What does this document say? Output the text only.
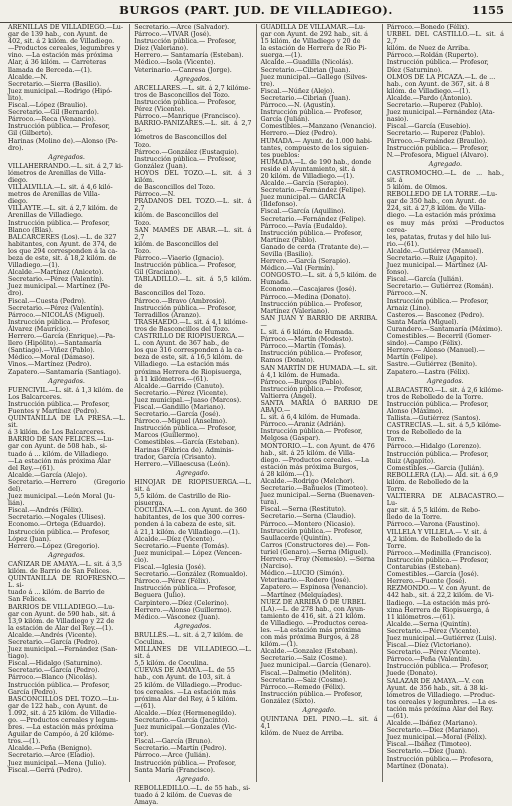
BURGOS (PART. JUD. DE VILLADIEGO).	1155
ARENILLAS DE VILLADIEGO.—Lu-
gar de 139 hab., con Ayunt. de
402, sit. á 2 kilóm. de Villadiego.
—Productos cereales, legumbres y
vino. —La estación más próxima
Alar, á 36 kilóm. — Carreteras
llamada de Berceda.—(1).
Alcalde.—N.
Secretario.—Sierra (Basilio).
Juez municipal.—Rodrigo (Hipó-
lito).
Fiscal.—López (Braulio).
Secretario.—Gil (Bernardo).
Párroco.—Reca (Venancio).
Instrucción pública.— Profesor,
Gil (Gilberto).
Harinas (Molino de).—Alonso (Pe-
dro).
Agregados.
VILLAHERRANDO.—L. sit. á 2,7 ki-
lómetros de Arenillas de Villa-
diego.
VILLALVILLA.—L. sit. á 4,6 kiló-
metros de Arenillas de Villa-
diego.
VILLAYTE.—L. sit. á 2,7 kilóm. de
Arenillas de Villadiego.
Instrucción pública.— Profesor,
Blanco (Blas).
BALCARCERES (Los).—L. de 327
habitantes, con Ayunt. de 374, de
los que 294 corresponden á la ca-
beza de este, sit. á 18,2 kilóm. de
Villadiego.—(1).
Alcalde.—Martínez (Aniceto).
Secretario.—Pérez (Valentín).
Juez municipal.— Martínez (Pe-
dro).
Fiscal.—Cuesta (Pedro).
Secretario.—Pérez (Valentín).
Párroco.—NICOLÁS (Miguel).
Instrucción pública.— Profesor,
Álvarez (Maurício).
Herrero.—García (Enrique).—Pa-
llero (Hipólito).—Santamaría
(Santiago).—Viñez (Pablo).
Médico.—Moral (Dámaso).
Vinos.—Martínez (Pedro).
Zapatero.—Santamaría (Santiago).
Agregados.
FUENCIVIL.—L. sit. á 1,3 kilóm. de
Los Balcarceres.
Instrucción pública.— Profesor,
Fuentes y Martínez (Pedro).
QUINTANILLA DE LA PRESA.—L. sit.
á 3 kilóm. de Los Balcarceres.
BARRIO DE SAN FELICES.—Lu-
gar con Ayunt. de 508 hab., si-
tuado á ... kilóm. de Villadiego.
—La estación más próxima Alar
del Rey.—(61).
Alcalde.—García (Alejo).
Secretario.—Herrero (Gregorio del).
Juez municipal.—León Moral (Ju-
lián).
Fiscal.—Andrés (Félix).
Secretario.—Nogales (Ulises).
Economo.—Ortega (Eduardo).
Instrucción pública.— Profesor,
López (Juan).
Herrero.—López (Gregorio).
Agregados.
CAÑIZAR DE AMAYA.—L. sit. á 3,5
kilóm. de Barrio de San Felices.
QUINTANILLA DE RIOFRESNO.—L. si-
tuado á ... kilóm. de Barrio de
San Felices.
BARRIOS DE VILLADIEGO.—Lu-
gar con Ayunt. de 590 hab., sit. á
13,9 kilóm. de Villadiego y 22 de
la estación de Alar del Rey.—(1).
Alcalde.—Andrés (Vicente).
Secretario.—García (Pedro).
Juez municipal.—Fernández (San-
tiago).
Fiscal.—Hidalgo (Saturnino).
Secretario.—García (Pedro).
Párroco.—Blanco (Nicolás).
Instrucción pública.— Profesor,
García (Pedro).
BASCONCILLOS DEL TOZO.—Lu-
gar de 122 hab., con Ayunt. de
1.092, sit. á 25 kilóm. de Villadie-
go. —Productos cereales y legum-
bres. —La estación más próxima
Aguilar de Campóo, á 20 kilóme-
tros.—(1).
Alcalde.—Peña (Benigno).
Secretario.—Arce (Eladio).
Juez municipal.—Mena (Julio).
Fiscal.—Gerrá (Pedro).
Secretario.—Arce (Salvador).
Párroco.—VIVAR (José).
Instrucción pública.— Profesor,
Díez (Valeriano).
Herrero.— Santamaría (Esteban).
Médico.—Isola (Vicente).
Veterinario.—Canresa (Jorge).
Agregados.
ARCELLARES.—L. sit. á 2,7 kilóme-
tros de Basconcillos del Tozo.
Instrucción pública.— Profesor,
Pérez (Vicente).
Párroco.—Manrique (Francisco).
BARRIO-PANIZARES.—L. sit. á 2,7 ki-
lómetros de Basconcillos del
Tozo.
Párroco.—González (Eustaquio).
Instrucción pública.— Profesor,
González (Juan).
HOYOS DEL TOZO.—L. sit. á 3 kilóm.
de Basconcillos del Tozo.
Párroco.—N.
PRÁDANOS DEL TOZO.—L. sit. á 2,7
kilóm. de Basconcillos del
Tozo.
SAN MAMÉS DE ABAR.—L. sit. á 2,7
kilóm. de Basconcillos del
Tozo.
Párroco.—Viaerio (Ignacio).
Instrucción pública.— Profesor,
Gil (Graciano).
TABLADILLO.—L. sit. á 5,5 kilóm. de
Basconcillos del Tozo.
Párroco.—Bravo (Ambrosio).
Instrucción pública.— Profesor,
Terradillos (Aranzo).
TRASHAEDO.—L. sit. á 4,1 kilóme-
tros de Basconcillos del Tozo.
CASTRILLO DE RIOPISUERGA.—
L. con Ayunt. de 367 hab., de
los que 316 corresponden á la ca-
beza de este, sit. á 16,5 kilóm. de
Villadiego. —La estación más
próxima Herrera de Riopisuerga,
á 11 kilómetros.—(61).
Alcalde.—Garrido (Canuto).
Secretario.—Pérez (Vicente).
Juez municipal.—Juaso (Marcos).
Fiscal.—Gandillo (Mariano).
Secretario.—García (José).
Párroco.—Miguel (Anselmo).
Instrucción pública.— Profesor,
Marcos (Guillermo).
Comestibles.—García (Esteban).
Harinas (Fábrica de). Adminis-
trador, García (Crisanto).
Herrero.—Villaescusa (León).
Agregado.
HINOJAR DE RIOPISUERGA.—L. sit. á
5,5 kilóm. de Castrillo de Rio-
pisuerga.
COCULINA.—L. con Ayunt. de 360
habitantes, de los que 300 corres-
ponden á la cabeza de este, sit.
á 21,1 kilóm. de Villadiego.—(1).
Alcalde.—Díez (Vicente).
Secretario.—Fuente (Tomás).
Juez municipal.— López (Vencen-
cio).
Fiscal.—Iglesia (José).
Secretario.—González (Romualdo).
Párroco.—Pérez (Félix).
Instrucción pública.— Profesor,
Beguera (Julio).
Carpintero.—Díez (Celerino).
Herrero.—Alonso (Guillermo).
Médico.—Vásconez (Juan).
Agregados.
BRULLÉS.—L. sit. á 2,7 kilóm. de
Coculina.
MILLANES DE VILLADIEGO.—L. sit. á
5,5 kilóm. de Coculina.
CUEVAS DE AMAYA.—L. de 55
hab., con Ayunt. de 103, sit. á
25 kilóm. de Villadiego.—Produc-
tos cereales. —La estación más
próxima Alar del Rey, á 5 kilóm.
—(61).
Alcalde.—Díez (Hermenegildo).
Secretario.—García (Jacinto).
Juez municipal.—Gonzales (Vic-
tor).
Fiscal.—García (Bruno).
Secretario.—Martín (Pedro).
Párroco.—Arce (Julián).
Instrucción pública.— Profesor,
Santa María (Francisco).
Agregado.
REBOLLEDILLO.—L. de 55 hab., si-
tuado á 2 kilóm. de Cuevas de
Amaya.
GUADILLA DE VILLAMAR.—Lu-
gar con Ayunt. de 292 hab., sit. á
15 kilóm. de Villadiego y 20 de
la estación de Herrera de Rio Pi-
suerga.—(1).
Alcalde.—Guadilla (Nicolás).
Secretario.—Cibrian (Juan).
Juez municipal.—Gallego (Silves-
tre).
Fiscal.—Núñez (Alejo).
Secretario.—Cibrian (Juan).
Párroco.—N. (Agustín).
Instrucción pública.— Profesor,
García (Julián).
Comestibles.—Manzano (Venancio).
Herrero.—Díez (Pedro).
HUMADA.— Ayunt. de 1.000 habi-
tantes, compuesto de los siguien-
tes pueblos:
HUMADA.—L. de 190 hab., donde
reside el Ayuntamiento, sit. á
20 kilóm. de Villadiego.—(1).
Alcalde.—García (Serapio).
Secretario.—Fernández (Felipe).
Juez municipal.— GARCÍA
(Ildefonso).
Fiscal.—García (Aquilino).
Secretario.—Fernández (Felipe).
Párroco.—Pavía (Eudaldo).
Instrucción pública.— Profesor,
Martínez (Pablo).
Ganado de cerda (Tratante de).—
Sevilla (Basilio).
Herrero.—García (Serapio).
Médico.—Val (Fermín).
CONGOSTO.—L. sit. á 5,5 kilóm. de
Humada.
Economo.—Cascajares (José).
Párroco.—Medina (Donato).
Instrucción pública.— Profesor,
Martínez (Valeriano).
SAN JUAN Y BARRIO DE ARRIBA.—
L. sit. á 6 kilóm. de Humada.
Párroco.—Martín (Modesto).
Párroco.—Martín (Tomás).
Instrucción pública.— Profesor,
Ramos (Donato).
SAN MARTÍN DE HUMADA.—L. sit.
á 4,1 kilóm. de Humada.
Párroco.—Burgos (Pablo).
Instrucción pública.— Profesor,
Valtierra (Ángel).
SANTA MARÍA Ó BARRIO DE ABAJO.—
L. sit. á 6,4 kilóm. de Humada.
Párroco.—Araniz (Adrián).
Instrucción pública.— Profesor,
Melgosa (Gaspar).
MONTORIO.—L. con Ayunt. de 476
hab., sit. á 25 kilóm. de Villa-
diego. —Productos cereales. —La
estación más próxima Burgos,
á 28 kilóm.—(1).
Alcalde.—Rodrigo (Melchor).
Secretario.—Bañuelos (Timoteo).
Juez municipal.—Serna (Buenaven-
tura).
Fiscal.—Serna (Restituto).
Secretario.—Serna (Claudio).
Párroco.—Montero (Nicasio).
Instrucción pública.— Profesor,
Saullacerde (Quintín).
Carros (Constructores de).— Fon-
turiel (Genaro).—Serna (Miguel).
Herrero.—Fray (Nemesio). —Serna
(Narciso).
Médico.—LUCIO (Simón).
Veterinario.—Rodero (José).
Zapatero.— Espinosa (Venancio).
—Martínez (Melquíades).
NUEZ DE ARRIBA Ó DE URBEL
(LA).—L. de 278 hab., con Ayun-
tamiento de 416, sit. á 21 kilóm.
de Villadiego. —Productos cerea-
les. —La estación más próxima
con más próxima Burgos, á 28
kilóm.—(1).
Alcalde.—Gonzalez (Esteban).
Secretario.—Saiz (Cosme).
Juez municipal.—García (Genaro).
Fiscal.—Dalmetio (Melitón).
Secretario.—Saiz (Cosme).
Párroco.—Remedo (Félix).
Instrucción pública.— Profesor,
González (Sixto).
Agregado.
QUINTANA DEL PINO.—L. sit. á 4,1
kilóm. de Nuez de Arriba.
Párroco.—Bonedo (Félix).
URBEL DEL CASTILLO.—L. sit. á 2,7
kilóm. de Nuez de Arriba.
Párroco.—Roldán (Ruperto).
Instrucción pública.— Profesor,
Díez (Saturnino).
OLMOS DE LA PICAZA.—L. de ...
hab., con Ayunt. de 367, sit. á 8
kilóm. de Villadiego.—(1).
Alcalde.—Pardo (Antonio).
Secretario.—Ruperez (Pablo).
Juez municipal.—Fernández (Ata-
nasio).
Fiscal.—García (Eusebio).
Secretario.— Ruperez (Pablo).
Párroco.—Fernández (Braulio).
Instrucción pública.— Profesor,
N.—Profesora, Miguel (Álvaro).
Agregado.
CASTROMOCHO.—L. de ... hab., sit. á
5 kilóm. de Olmos.
REBOLLEDO DE LA TORRE.—Lu-
gar de 350 hab., con Ayunt. de
224, sit. á 27,8 kilóm. de Villa-
diego. —La estación más próxima
es muy más próxi —Productos cerea-
les, patatas, frutas y del hilo lui-
rio.—(61).
Alcalde.—Gutiérrez (Manuel).
Secretario.—Ruiz (Agapito).
Juez municipal.— Martínez (Al-
fonso).
Fiscal.—García (Julián).
Secretario.— Gutiérrez (Román).
Párroco.—N.
Instrucción pública.— Profesor,
Arnaiz (Lino).
Casteros.— Basconez (Pedro).
Santa María (Miguel).
Curandero.—Santamaría (Máximo).
Comestibles.— Becerril (Gomer-
sindo).—Campo (Félix).
Herrero.— Alonso (Manuel).—
Martín (Felipe).
Sastre.—Gutiérrez (Benito).
Zapatero.—Lastra (Félix).
Agregados.
ALBACASTRO.—L. sit. á 2,6 kilóme-
tros de Rebolledo de la Torre.
Instrucción pública.— Profesor,
Alonso (Máximo).
Tallista.—Gutiérrez (Santos).
CASTRECÍAS.—L. sit. á 5,5 kilóme-
tros de Rebolledo de la
Torre.
Párroco.—Hidalgo (Lorenzo).
Instrucción pública.— Profesor,
Ruiz (Agapito).
Comestibles.—Garcia (Julián).
REBOLLERA (LA).— Ald. sit. á 6,9
kilóm. de Rebolledo de la
Torre.
VALTIERRA DE ALBACASTRO.— Lu-
gar sit. á 5,5 kilóm. de Rebo-
lledo de la Torre.
Párroco.—Varona (Faustino).
VILLELA Y VILLELA.— V. sit. á
4,2 kilóm. de Rebolledo de la
Torre.
Párroco.—Medinilla (Francisco).
Instrucción pública.— Profesor,
Contarubias (Esteban).
Comestibles.—García (José).
Herrero.—Fuente (José).
REZMONDO.— V. con Ayunt. de
442 hab., sit. á 22,2 kilóm. de Vi-
lladiego. —La estación más pró-
xima Herrera de Riopisuerga, á
11 kilómetros.—(61).
Alcalde.—Serna (Quintín).
Secretario.—Pérez (Vicente).
Juez municipal.—Gutiérrez (Luis).
Fiscal.—Díez (Victoriano).
Secretario.—Pérez (Vicente).
Párroco.—Peña (Valentín).
Instrucción pública.— Profesor,
Juede (Donato).
SALAZAR DE AMAYA.—V. con
Ayunt. de 356 hab., sit. á 38 ki-
lómetros de Villadiego. —Produc-
tos cereales y legumbres. —La es-
tación más próxima Alar del Rey.
—(61).
Alcalde.—Ibáñez (Mariano).
Secretario.—Díez (Mariano).
Juez municipal.—Moral (Félix).
Fiscal.—Ibáñez (Timoteo).
Secretario.—Díez (Juan).
Instrucción pública.— Profesora,
Martínez (Donata).
